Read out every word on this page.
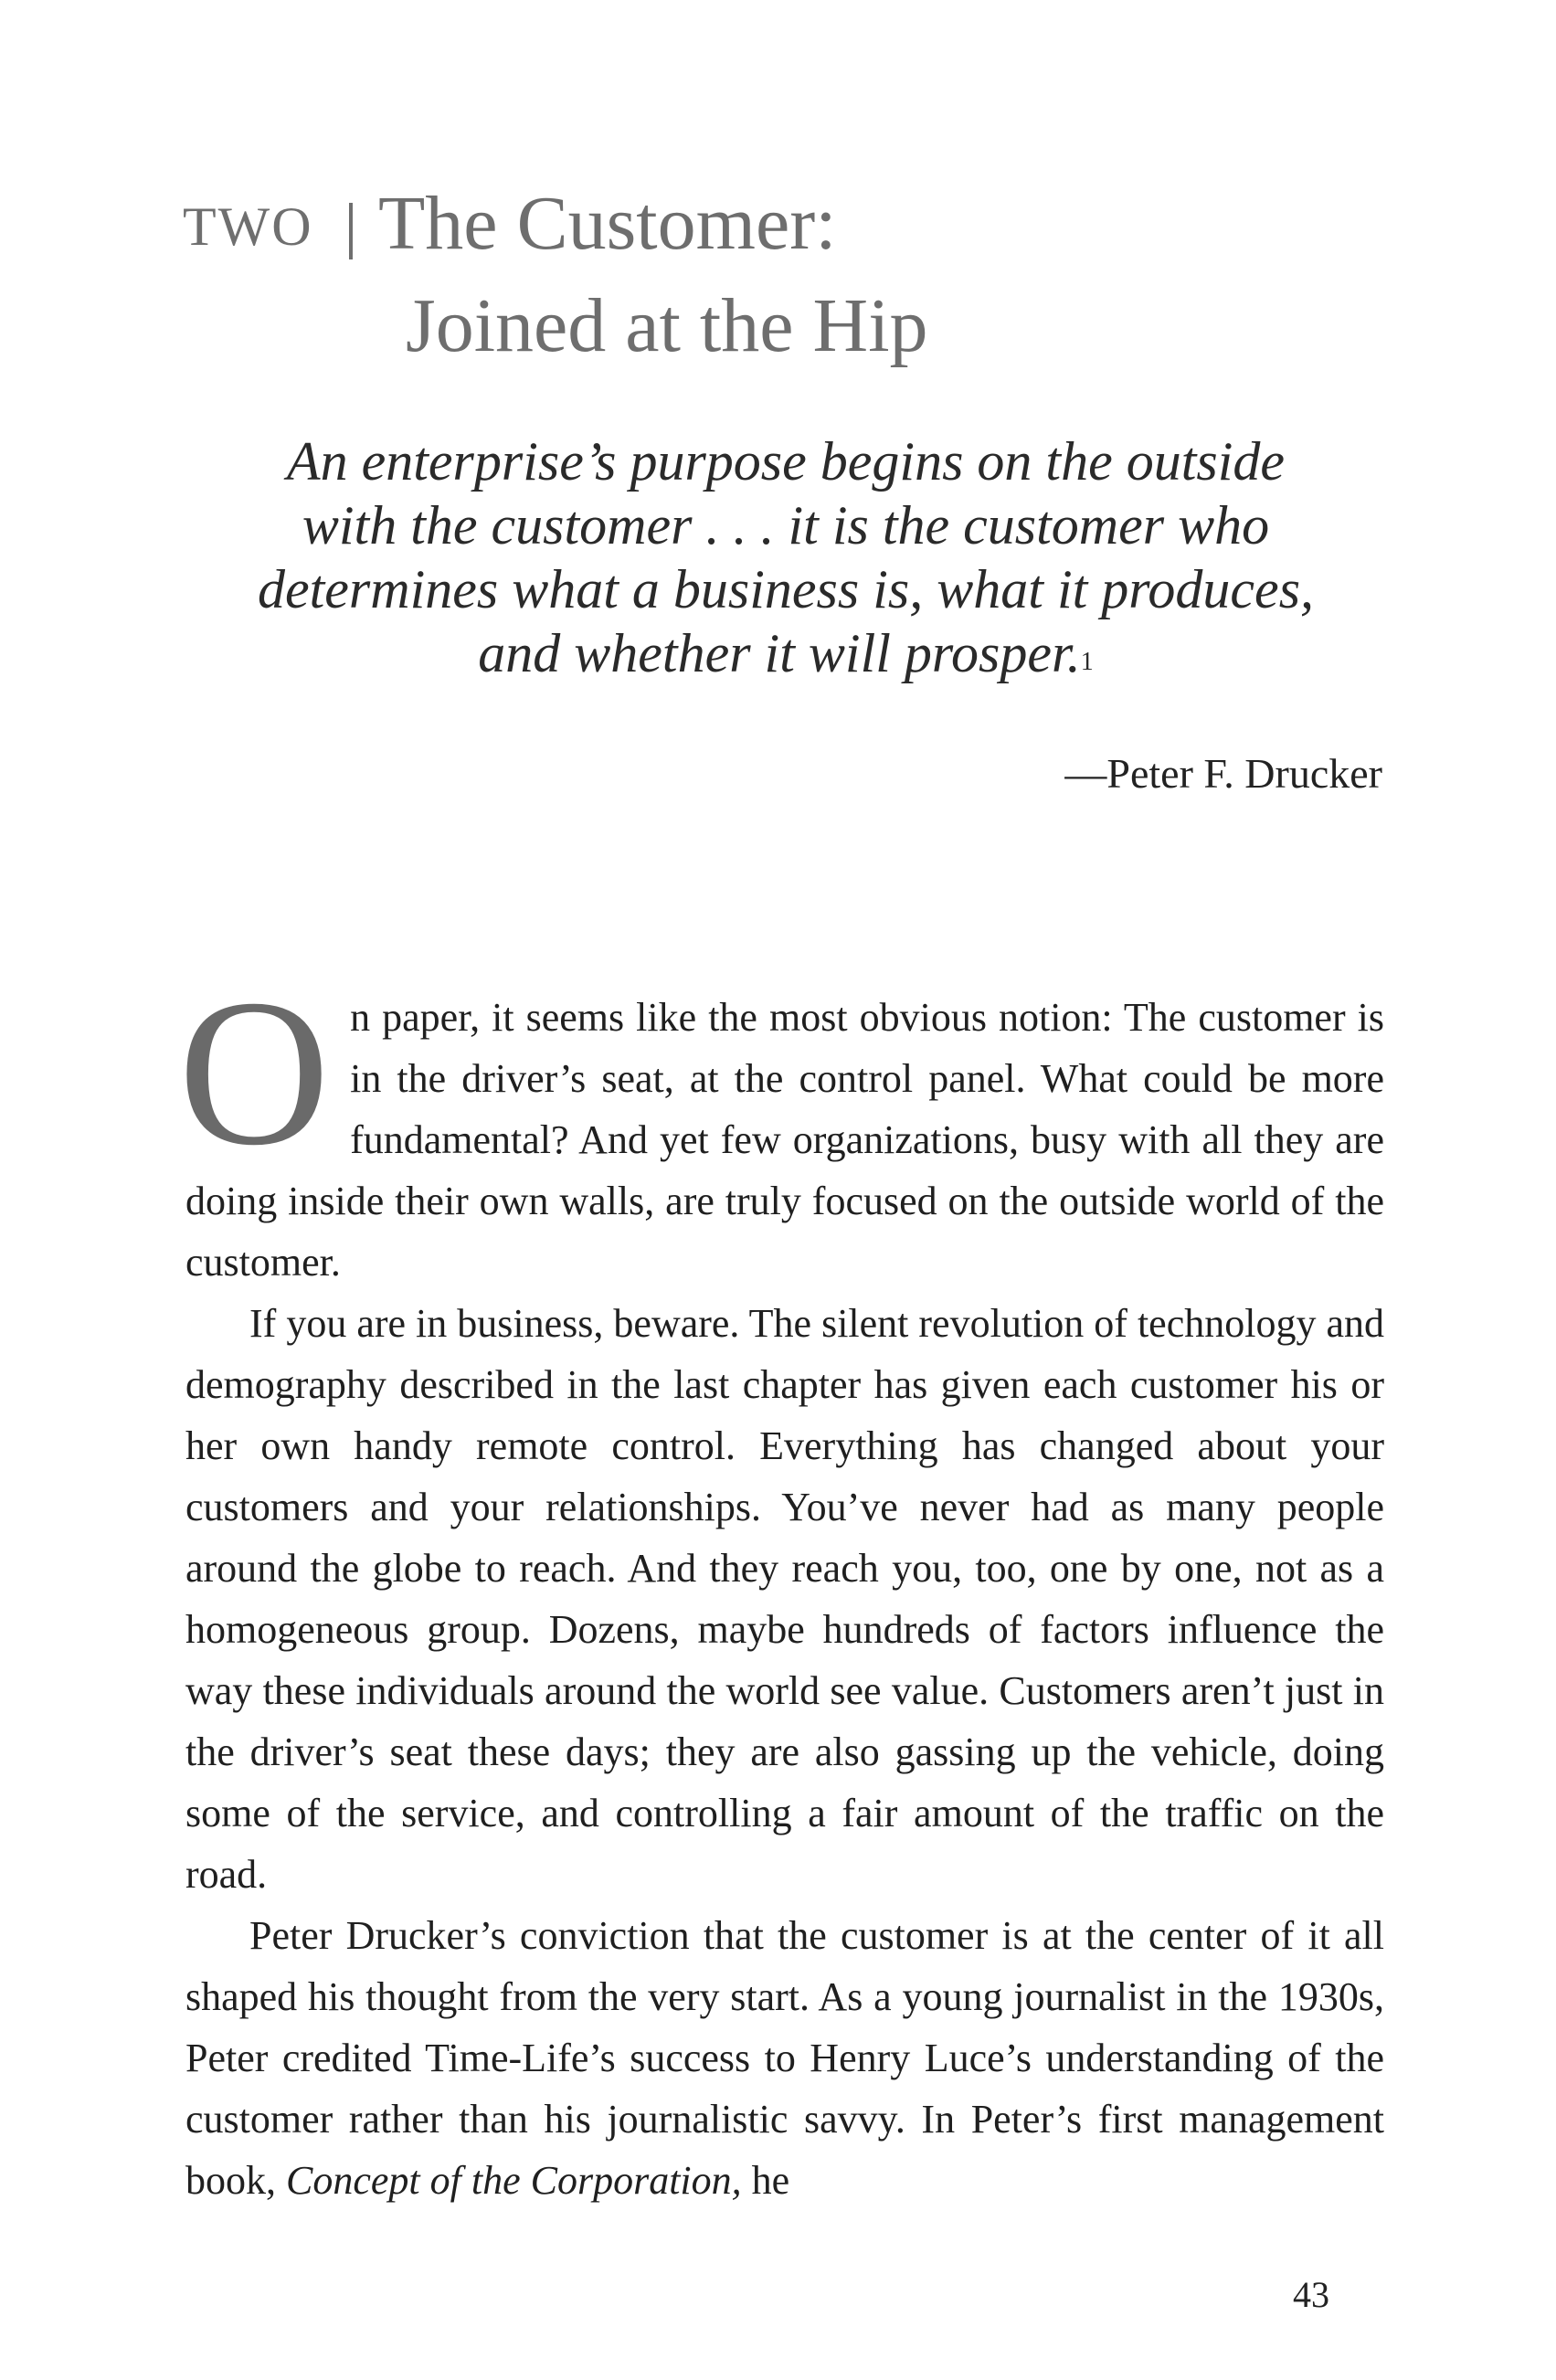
TWO The Customer:
Joined at the Hip
An enterprise’s purpose begins on the outside
with the customer . . . it is the customer who
determines what a business is, what it produces,
and whether it will prosper.$^1$
—Peter F. Drucker

On paper, it seems like the most obvious notion: The customer is in the driver’s seat, at the control panel. What could be more fundamental? And yet few organizations, busy with all they are doing inside their own walls, are truly focused on the outside world of the customer.

If you are in business, beware. The silent revolution of technology and demography described in the last chapter has given each customer his or her own handy remote control. Everything has changed about your customers and your relationships. You’ve never had as many people around the globe to reach. And they reach you, too, one by one, not as a homogeneous group. Dozens, maybe hundreds of factors influence the way these individuals around the world see value. Customers aren’t just in the driver’s seat these days; they are also gassing up the vehicle, doing some of the service, and controlling a fair amount of the traffic on the road.

Peter Drucker’s conviction that the customer is at the center of it all shaped his thought from the very start. As a young journalist in the 1930s, Peter credited Time-Life’s success to Henry Luce’s understanding of the customer rather than his journalistic savvy. In Peter’s first management book, Concept of the Corporation, he

43
